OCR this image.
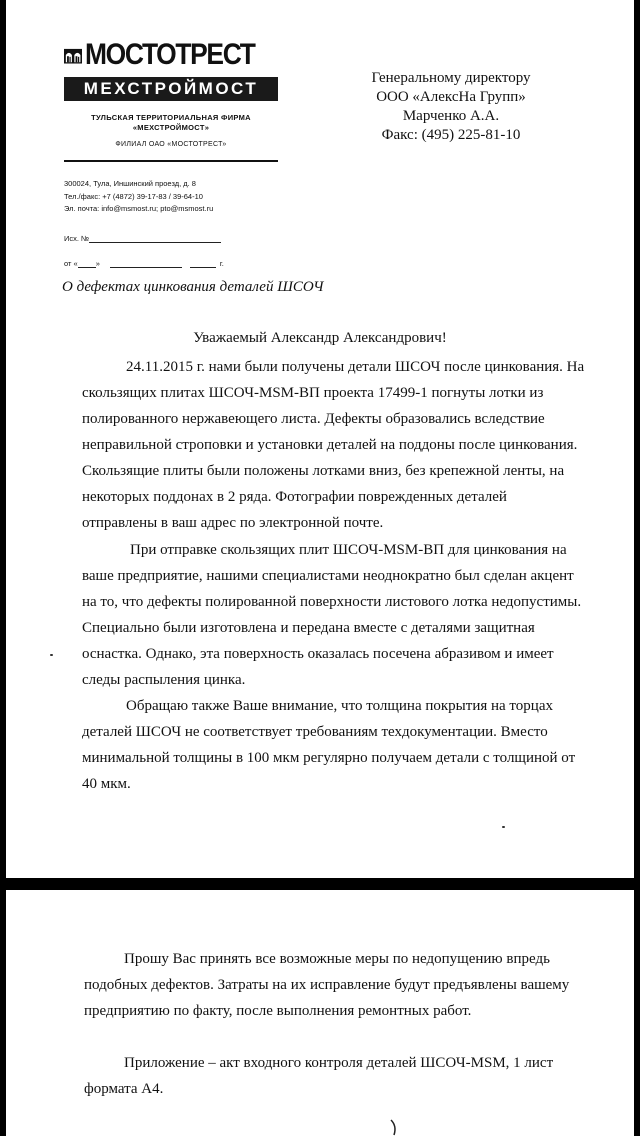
МОСТОТРЕСТ
МЕХСТРОЙМОСТ
ТУЛЬСКАЯ ТЕРРИТОРИАЛЬНАЯ ФИРМА
«МЕХСТРОЙМОСТ»
ФИЛИАЛ ОАО «МОСТОТРЕСТ»
Генеральному директору
ООО «АлексНа Групп»
Марченко А.А.
Факс: (495) 225-81-10
300024, Тула, Иншинский проезд, д. 8
Тел./факс: +7 (4872) 39-17-83 / 39-64-10
Эл. почта: info@msmost.ru; pto@msmost.ru
Исх. №
от « »	г.
О дефектах цинкования деталей ШСОЧ
Уважаемый Александр Александрович!
24.11.2015 г. нами были получены детали ШСОЧ после цинкования. На
скользящих плитах ШСОЧ-MSM-ВП проекта 17499-1 погнуты лотки из
полированного нержавеющего листа. Дефекты образовались вследствие
неправильной строповки и установки деталей на поддоны после цинкования.
Скользящие плиты были положены лотками вниз, без крепежной ленты, на
некоторых поддонах в 2 ряда. Фотографии поврежденных деталей
отправлены в ваш адрес по электронной почте.
При отправке скользящих плит ШСОЧ-MSM-ВП для цинкования на
ваше предприятие, нашими специалистами неоднократно был сделан акцент
на то, что дефекты полированной поверхности листового лотка недопустимы.
Специально были изготовлена и передана вместе с деталями защитная
оснастка. Однако, эта поверхность оказалась посечена абразивом и имеет
следы распыления цинка.
Обращаю также Ваше внимание, что толщина покрытия на торцах
деталей ШСОЧ не соответствует требованиям техдокументации. Вместо
минимальной толщины в 100 мкм регулярно получаем детали с толщиной от
40 мкм.
Прошу Вас принять все возможные меры по недопущению впредь
подобных дефектов. Затраты на их исправление будут предъявлены вашему
предприятию по факту, после выполнения ремонтных работ.
Приложение – акт входного контроля деталей ШСОЧ-MSM, 1 лист
формата А4.
